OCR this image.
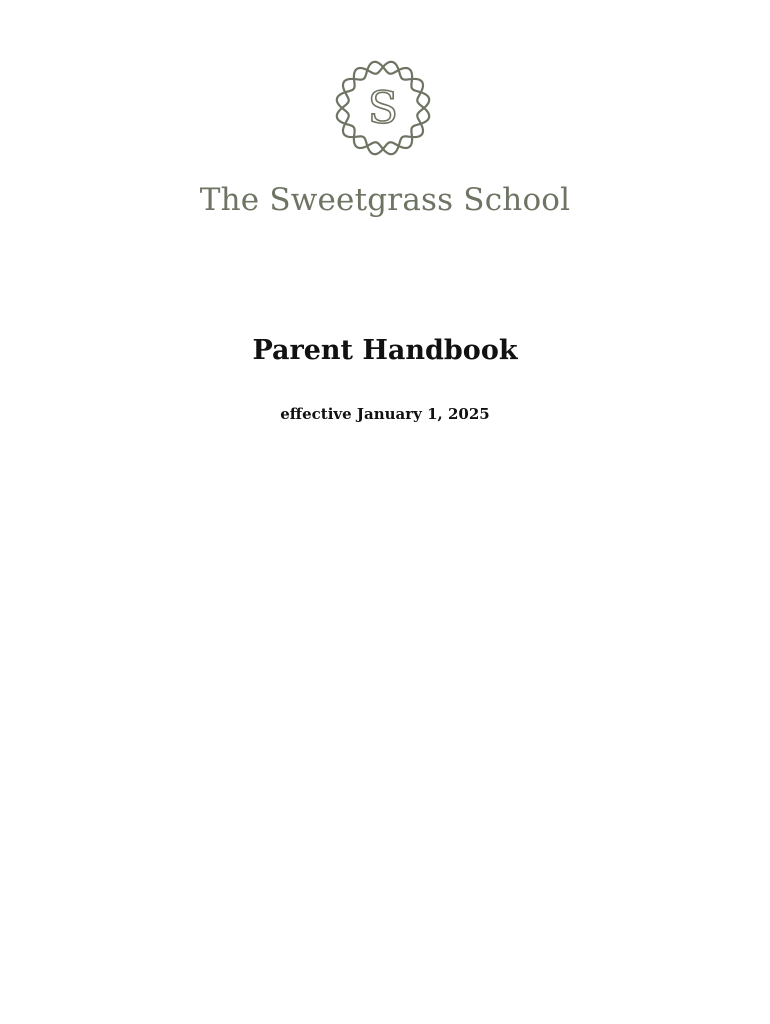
S
The Sweetgrass School
Parent Handbook
effective January 1, 2025
